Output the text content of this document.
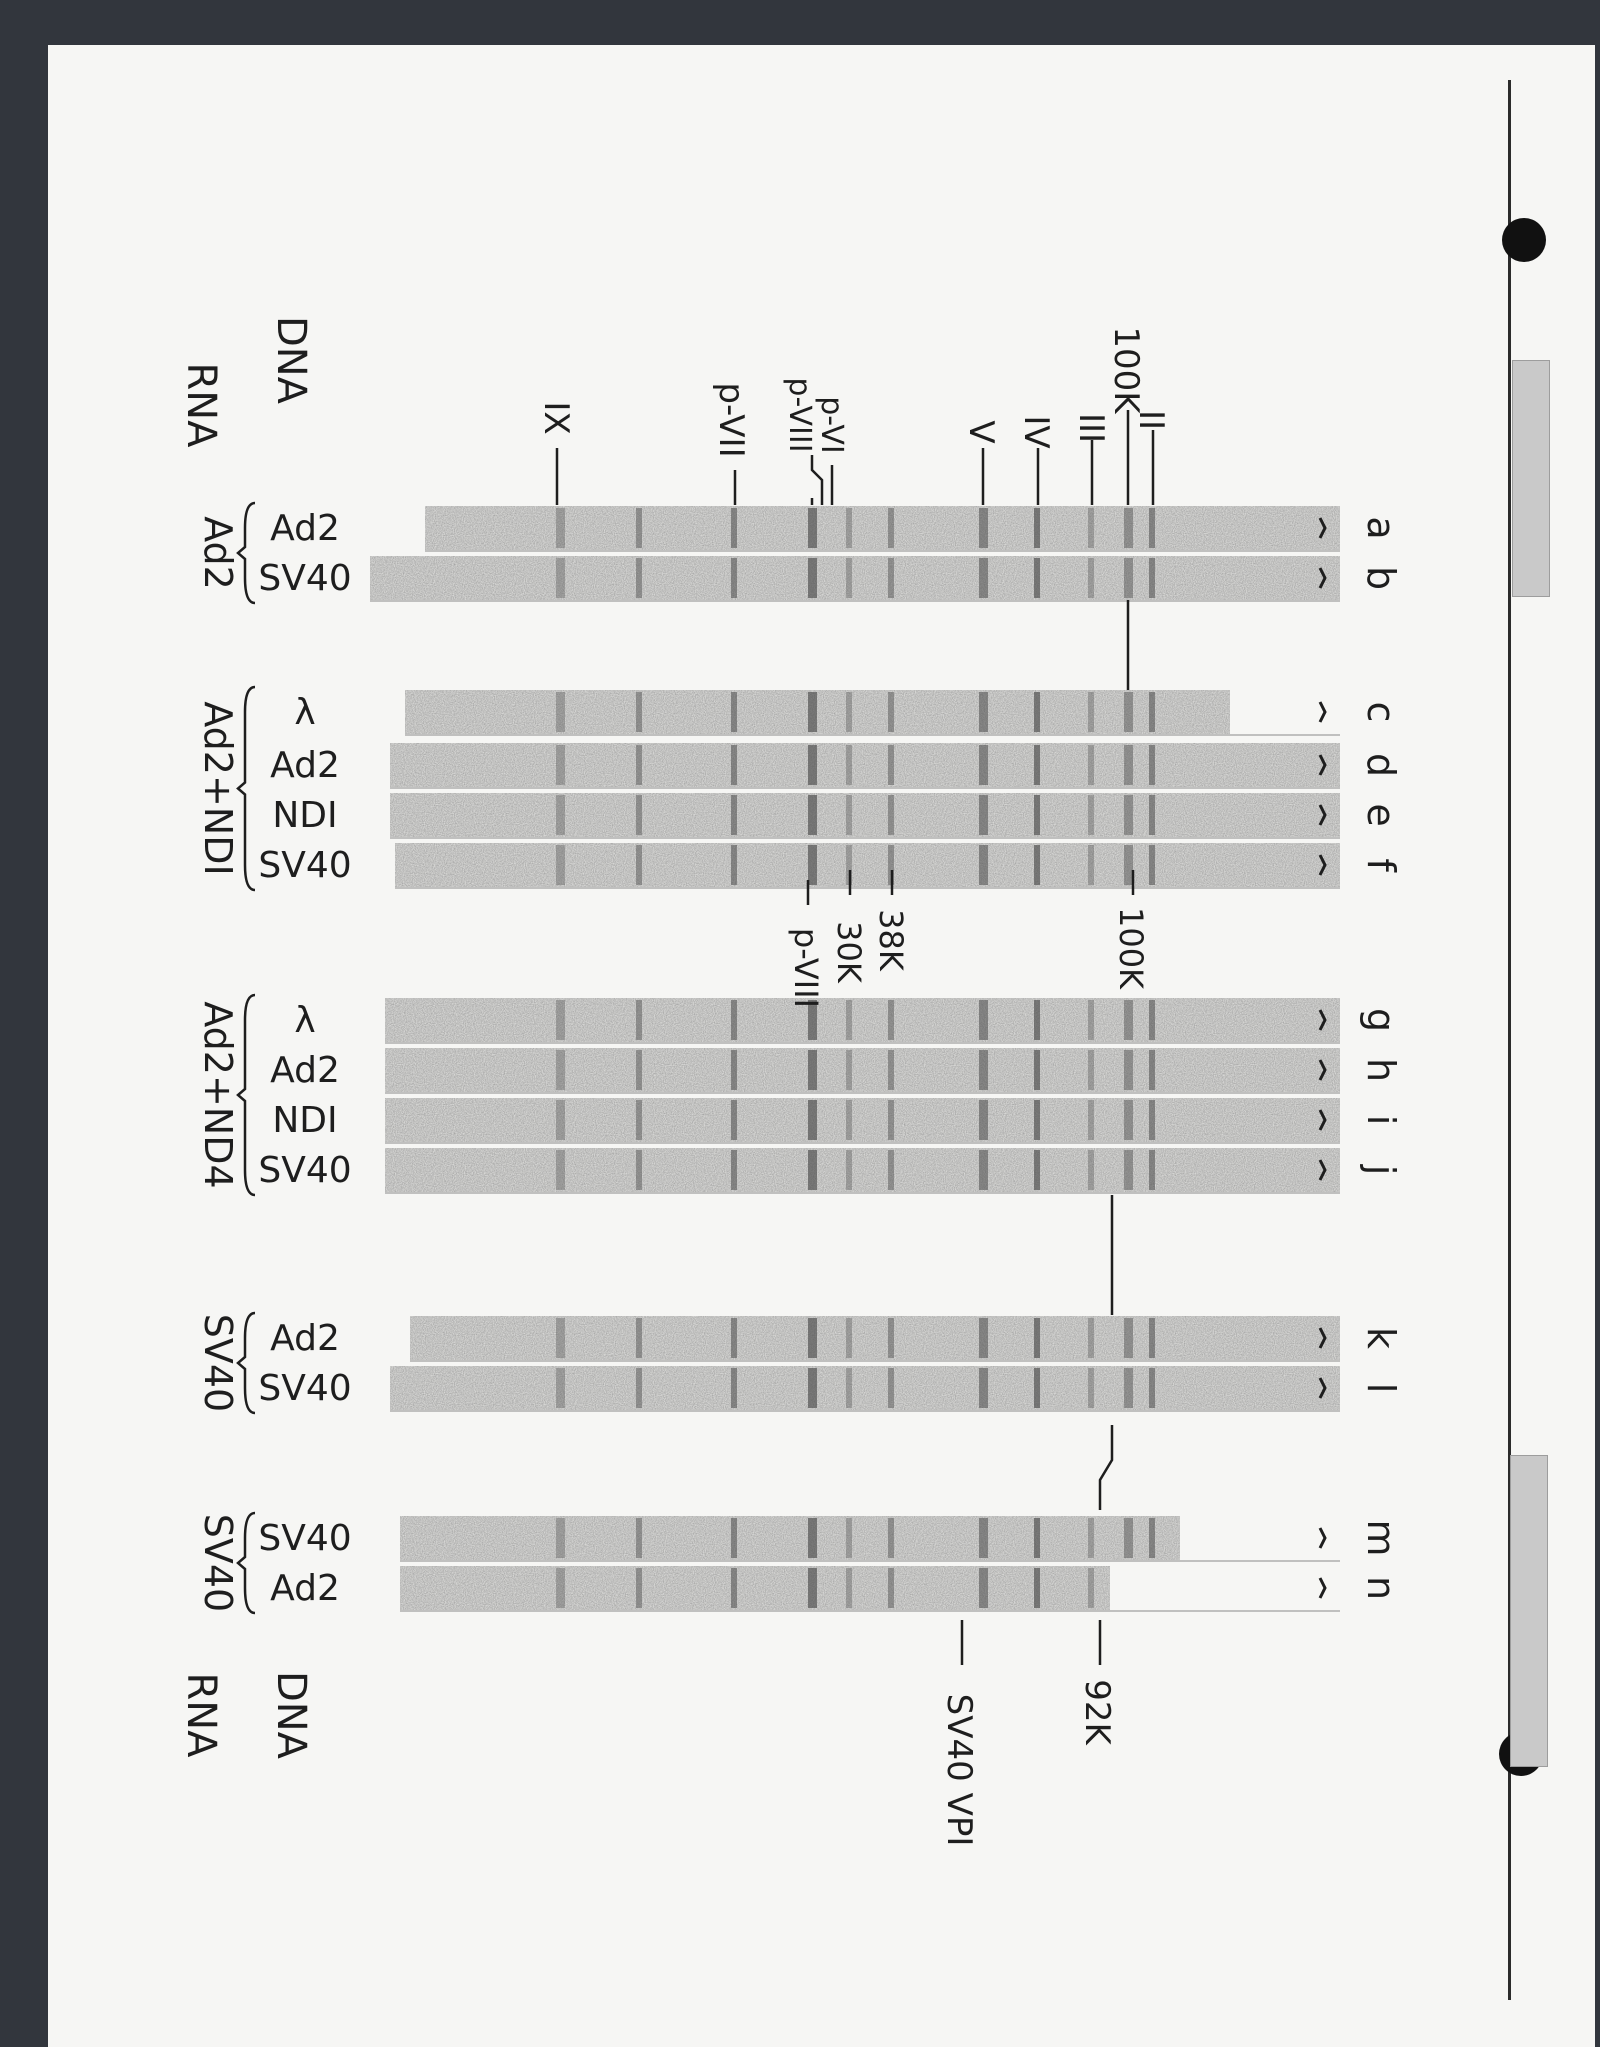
DNA
RNA
DNA
RNA
IX	p-VII p-VIII
p-VI	V IV III
100K
II
p-VIII 30K 38K	100K
SV40 VPI	92K
Ad2 Ad2	a
SV40	b
Ad2+NDI λ	c
Ad2	d
NDI	e
SV40	f
Ad2+ND4 λ	g
Ad2	h
NDI	i
SV40	j
SV40 Ad2	k
SV40	l
SV40 SV40	m
Ad2	n
